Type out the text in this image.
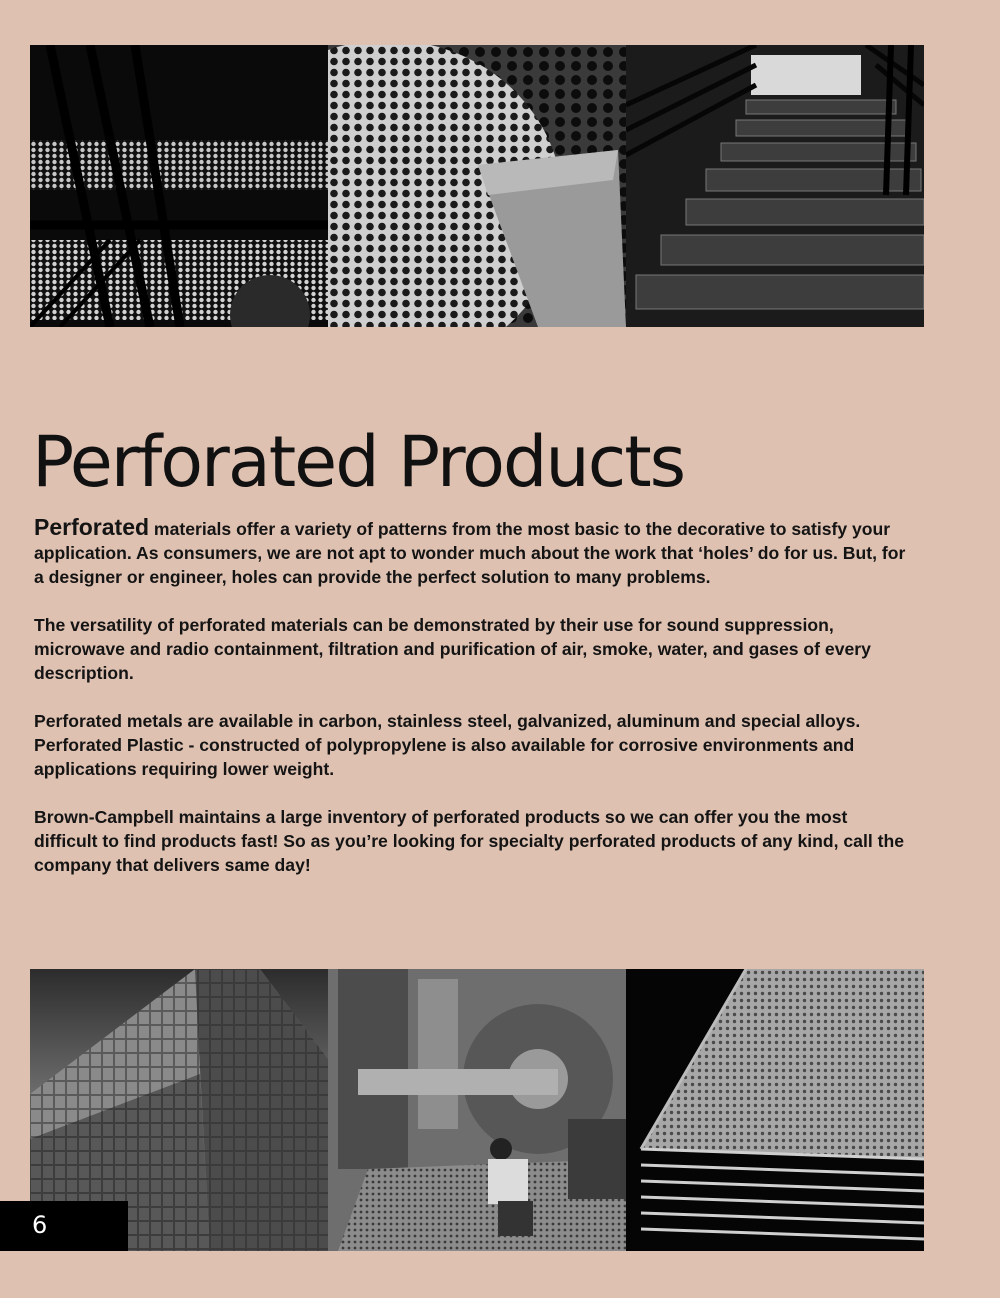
Perforated Products

Perforated materials offer a variety of patterns from the most basic to the decorative to satisfy your application. As consumers, we are not apt to wonder much about the work that ‘holes’ do for us. But, for a designer or engineer, holes can provide the perfect solution to many problems.

The versatility of perforated materials can be demonstrated by their use for sound suppression, microwave and radio containment, filtration and purification of air, smoke, water, and gases of every description.

Perforated metals are available in carbon, stainless steel, galvanized, aluminum and special alloys. Perforated Plastic - constructed of polypropylene is also available for corrosive environments and applications requiring lower weight.

Brown-Campbell maintains a large inventory of perforated products so we can offer you the most difficult to find products fast! So as you’re looking for specialty perforated products of any kind, call the company that delivers same day!

6
